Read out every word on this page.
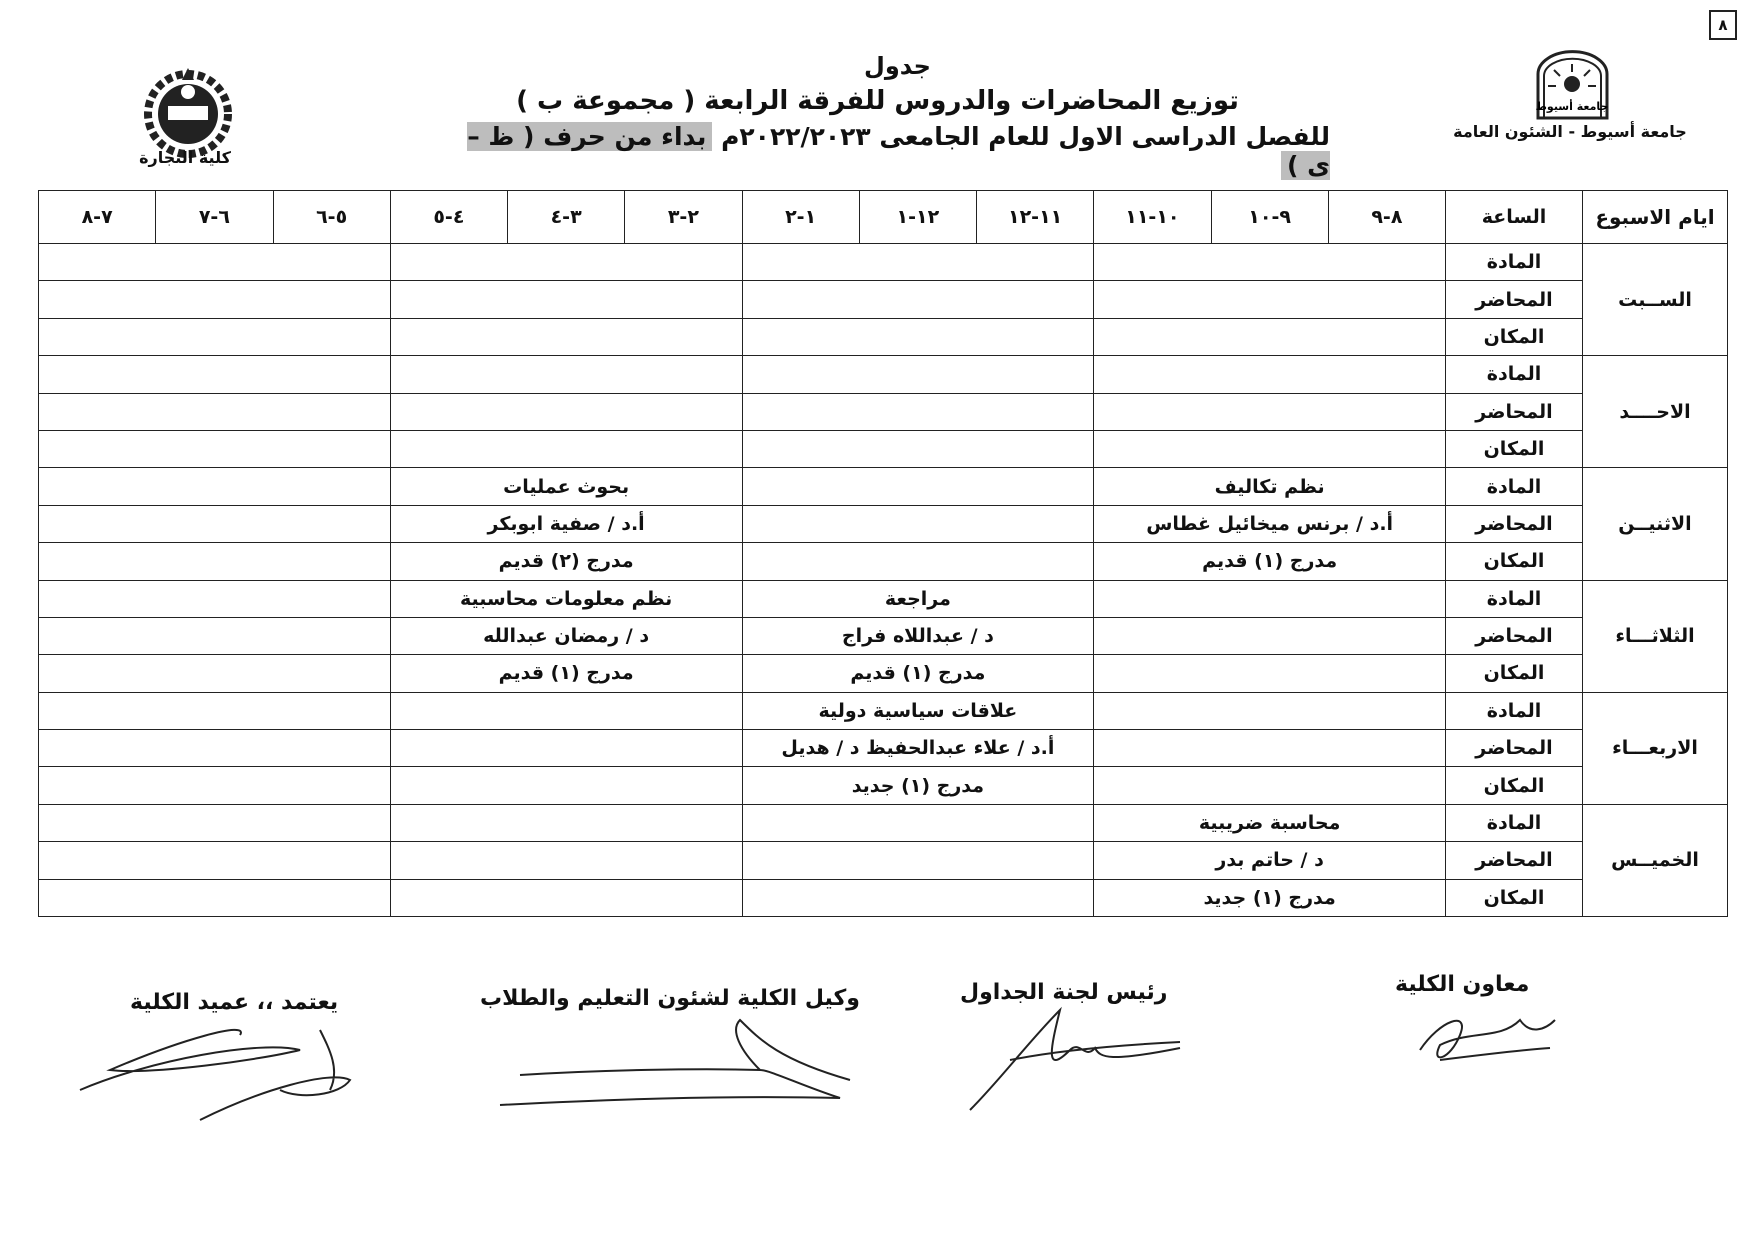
٨
كلية التجارة
جامعة أسيوط
جامعة أسيوط - الشئون العامة
جدول
توزيع المحاضرات والدروس للفرقة الرابعة ( مجموعة ب )
للفصل الدراسى الاول للعام الجامعى ٢٠٢٢/٢٠٢٣م بداء من حرف ( ظ – ى )
ايام الاسبوع	الساعة	٨-٩	٩-١٠	١٠-١١	١١-١٢	١٢-١	١-٢	٢-٣	٣-٤	٤-٥	٥-٦	٦-٧	٧-٨
الســبت	المادة												
	المحاضر												
	المكان												
الاحــــد	المادة												
	المحاضر												
	المكان												
الاثنيــن	المادة	نظم تكاليف						بحوث عمليات					
	المحاضر	أ.د / برنس ميخائيل غطاس						أ.د / صفية ابوبكر					
	المكان	مدرج (١) قديم						مدرج (٢) قديم					
الثلاثـــاء	المادة				مراجعة			نظم معلومات محاسبية					
	المحاضر				د / عبداللاه فراج			د / رمضان عبدالله					
	المكان				مدرج (١) قديم			مدرج (١) قديم					
الاربعـــاء	المادة				علاقات سياسية دولية								
	المحاضر				أ.د / علاء عبدالحفيظ د / هديل								
	المكان				مدرج (١) جديد								
الخميــس	المادة	محاسبة ضريبية											
	المحاضر	د / حاتم بدر											
	المكان	مدرج (١) جديد											
معاون الكلية
رئيس لجنة الجداول
وكيل الكلية لشئون التعليم والطلاب
يعتمد ،، عميد الكلية
